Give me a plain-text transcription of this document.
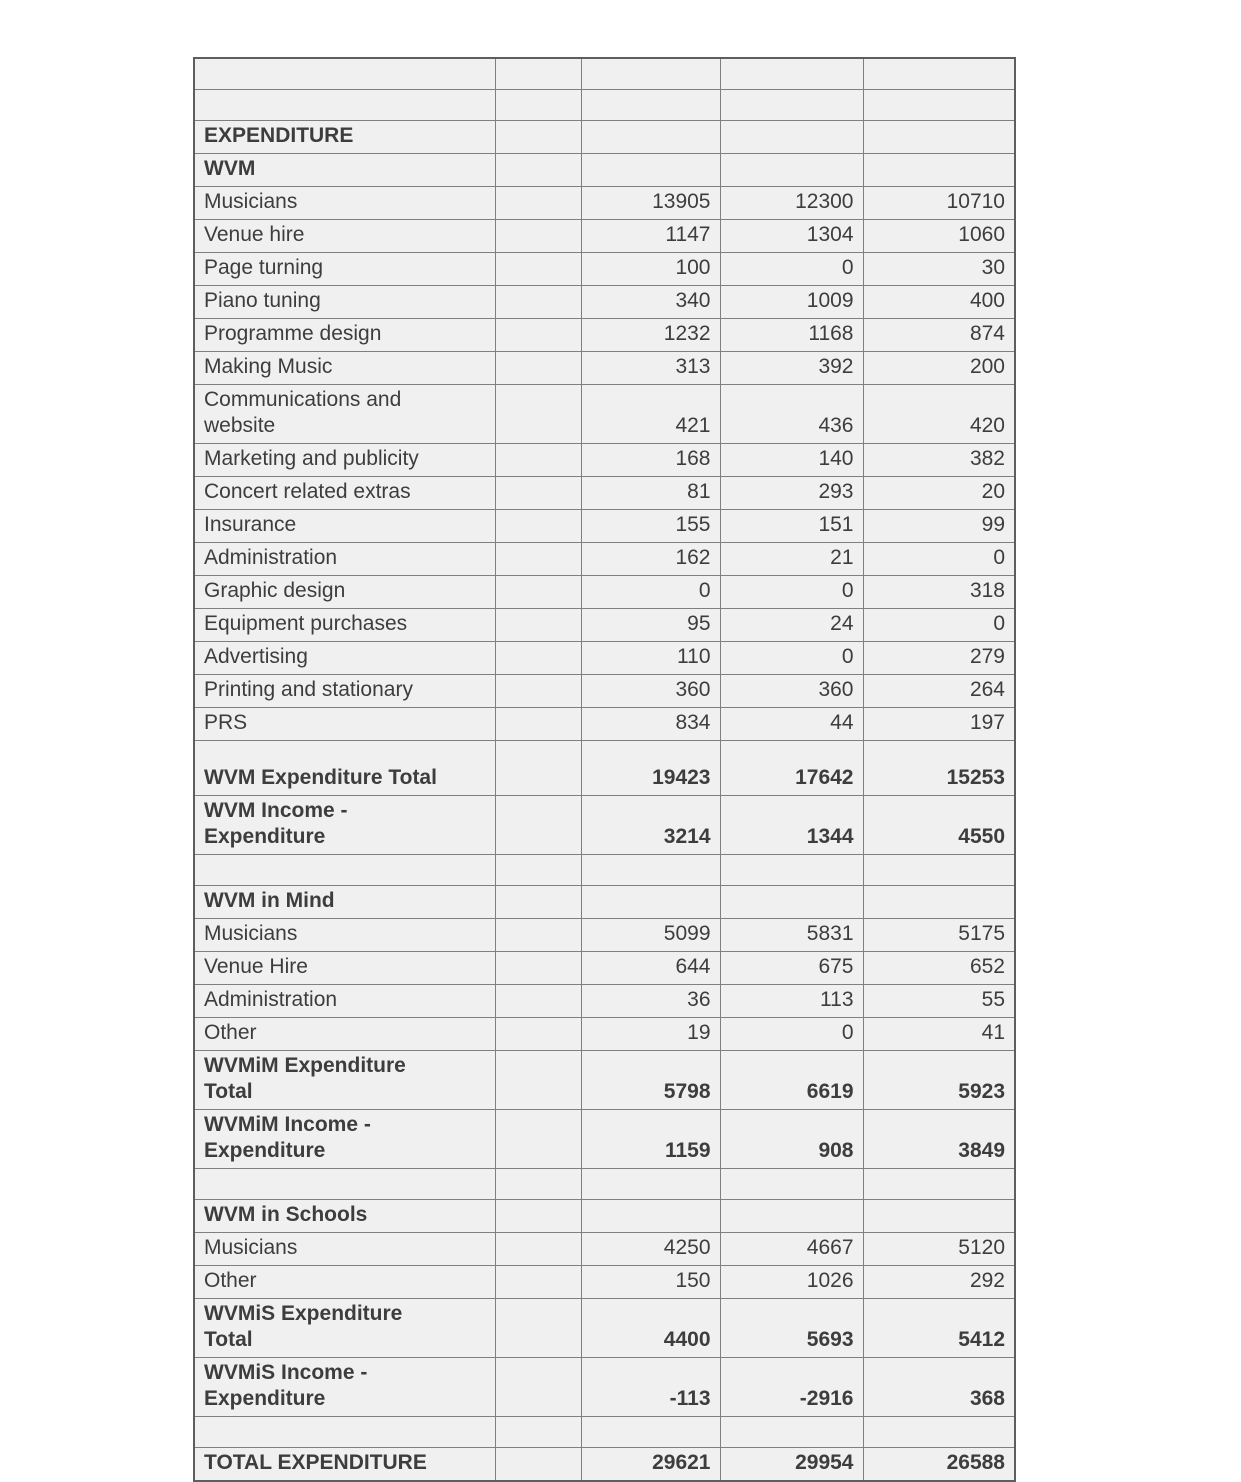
EXPENDITURE				
WVM				
Musicians		13905	12300	10710
Venue hire		1147	1304	1060
Page turning		100	0	30
Piano tuning		340	1009	400
Programme design		1232	1168	874
Making Music		313	392	200
Communications and website		421	436	420
Marketing and publicity		168	140	382
Concert related extras		81	293	20
Insurance		155	151	99
Administration		162	21	0
Graphic design		0	0	318
Equipment purchases		95	24	0
Advertising		110	0	279
Printing and stationary		360	360	264
PRS		834	44	197
WVM Expenditure Total		19423	17642	15253
WVM Income - Expenditure		3214	1344	4550

WVM in Mind				
Musicians		5099	5831	5175
Venue Hire		644	675	652
Administration		36	113	55
Other		19	0	41
WVMiM Expenditure Total		5798	6619	5923
WVMiM Income - Expenditure		1159	908	3849

WVM in Schools				
Musicians		4250	4667	5120
Other		150	1026	292
WVMiS Expenditure Total		4400	5693	5412
WVMiS Income - Expenditure		-113	-2916	368

TOTAL EXPENDITURE		29621	29954	26588
